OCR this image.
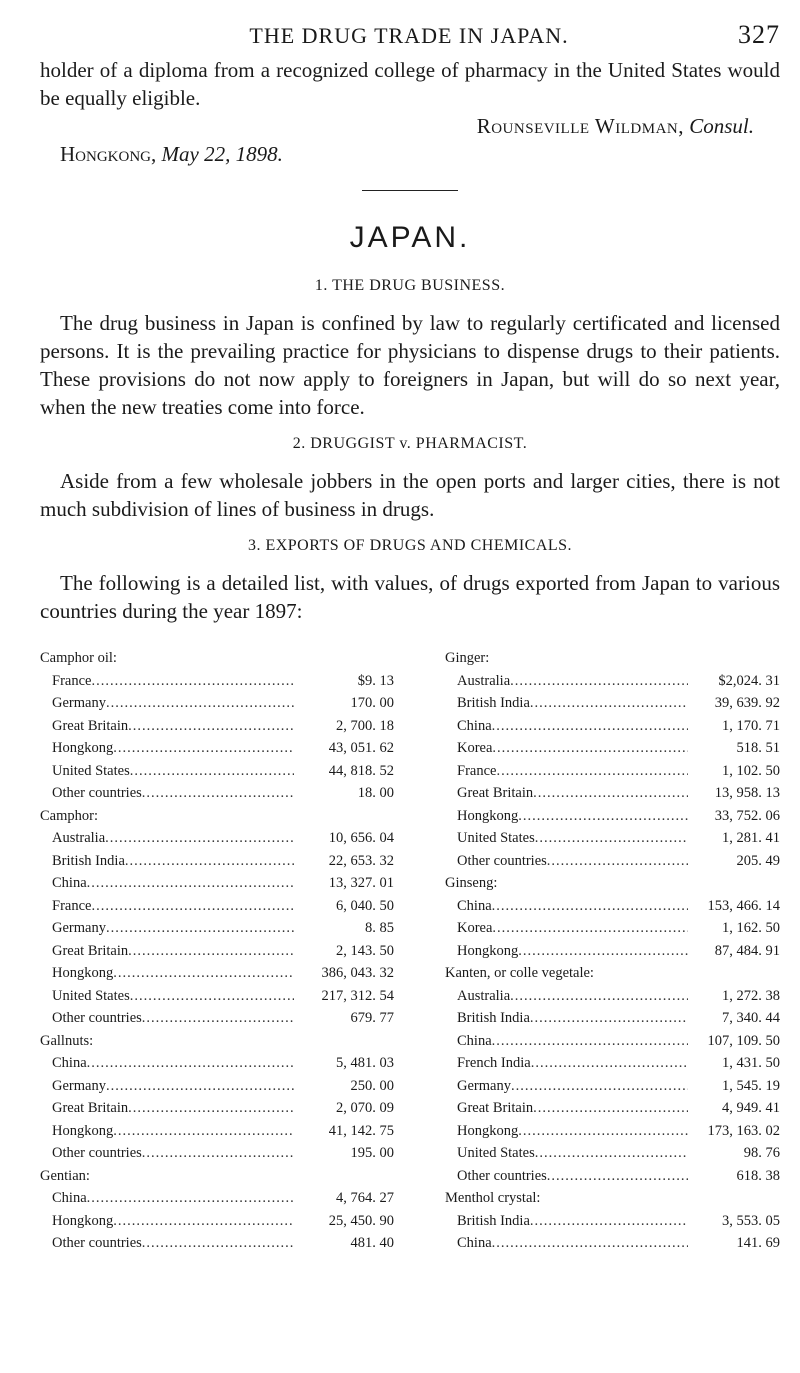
THE DRUG TRADE IN JAPAN.	327

holder of a diploma from a recognized college of pharmacy in the United States would be equally eligible.

Rounseville Wildman, Consul.
Hongkong, May 22, 1898.
JAPAN.
1. THE DRUG BUSINESS.

The drug business in Japan is confined by law to regularly certificated and licensed persons. It is the prevailing practice for physicians to dispense drugs to their patients. These provisions do not now apply to foreigners in Japan, but will do so next year, when the new treaties come into force.

2. DRUGGIST v. PHARMACIST.

Aside from a few wholesale jobbers in the open ports and larger cities, there is not much subdivision of lines of business in drugs.

3. EXPORTS OF DRUGS AND CHEMICALS.

The following is a detailed list, with values, of drugs exported from Japan to various countries during the year 1897:

Camphor oil:
France .....	$9. 13
Germany .....	170. 00
Great Britain .....	2, 700. 18
Hongkong .....	43, 051. 62
United States .....	44, 818. 52
Other countries .....	18. 00
Camphor:
Australia .....	10, 656. 04
British India .....	22, 653. 32
China .....	13, 327. 01
France .....	6, 040. 50
Germany .....	8. 85
Great Britain .....	2, 143. 50
Hongkong .....	386, 043. 32
United States .....	217, 312. 54
Other countries .....	679. 77
Gallnuts:
China .....	5, 481. 03
Germany .....	250. 00
Great Britain .....	2, 070. 09
Hongkong .....	41, 142. 75
Other countries .....	195. 00
Gentian:
China .....	4, 764. 27
Hongkong .....	25, 450. 90
Other countries .....	481. 40
Ginger:
Australia .....	$2,024. 31
British India .....	39, 639. 92
China .....	1, 170. 71
Korea .....	518. 51
France .....	1, 102. 50
Great Britain .....	13, 958. 13
Hongkong .....	33, 752. 06
United States .....	1, 281. 41
Other countries .....	205. 49
Ginseng:
China .....	153, 466. 14
Korea .....	1, 162. 50
Hongkong .....	87, 484. 91
Kanten, or colle vegetale:
Australia .....	1, 272. 38
British India .....	7, 340. 44
China .....	107, 109. 50
French India .....	1, 431. 50
Germany .....	1, 545. 19
Great Britain .....	4, 949. 41
Hongkong .....	173, 163. 02
United States .....	98. 76
Other countries .....	618. 38
Menthol crystal:
British India .....	3, 553. 05
China .....	141. 69
